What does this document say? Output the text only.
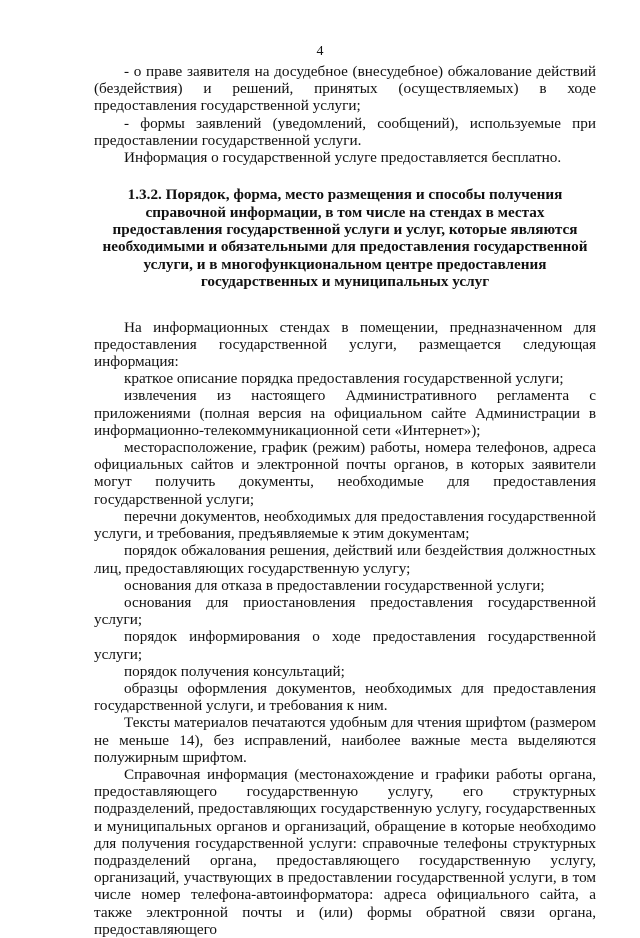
4

- о праве заявителя на досудебное (внесудебное) обжалование действий (бездействия) и решений, принятых (осуществляемых) в ходе предоставления государственной услуги;

- формы заявлений (уведомлений, сообщений), используемые при предоставлении государственной услуги.

Информация о государственной услуге предоставляется бесплатно.

1.3.2. Порядок, форма, место размещения и способы получения справочной информации, в том числе на стендах в местах предоставления государственной услуги и услуг, которые являются необходимыми и обязательными для предоставления государственной услуги, и в многофункциональном центре предоставления государственных и муниципальных услуг

На информационных стендах в помещении, предназначенном для предоставления государственной услуги, размещается следующая информация:

краткое описание порядка предоставления государственной услуги;

извлечения из настоящего Административного регламента с приложениями (полная версия на официальном сайте Администрации в информационно-телекоммуникационной сети «Интернет»);

месторасположение, график (режим) работы, номера телефонов, адреса официальных сайтов и электронной почты органов, в которых заявители могут получить документы, необходимые для предоставления государственной услуги;

перечни документов, необходимых для предоставления государственной услуги, и требования, предъявляемые к этим документам;

порядок обжалования решения, действий или бездействия должностных лиц, предоставляющих государственную услугу;

основания для отказа в предоставлении государственной услуги;

основания для приостановления предоставления государственной услуги;

порядок информирования о ходе предоставления государственной услуги;

порядок получения консультаций;

образцы оформления документов, необходимых для предоставления государственной услуги, и требования к ним.

Тексты материалов печатаются удобным для чтения шрифтом (размером не меньше 14), без исправлений, наиболее важные места выделяются полужирным шрифтом.

Справочная информация (местонахождение и графики работы органа, предоставляющего государственную услугу, его структурных подразделений, предоставляющих государственную услугу, государственных и муниципальных органов и организаций, обращение в которые необходимо для получения государственной услуги: справочные телефоны структурных подразделений органа, предоставляющего государственную услугу, организаций, участвующих в предоставлении государственной услуги, в том числе номер телефона-автоинформатора: адреса официального сайта, а также электронной почты и (или) формы обратной связи органа, предоставляющего
